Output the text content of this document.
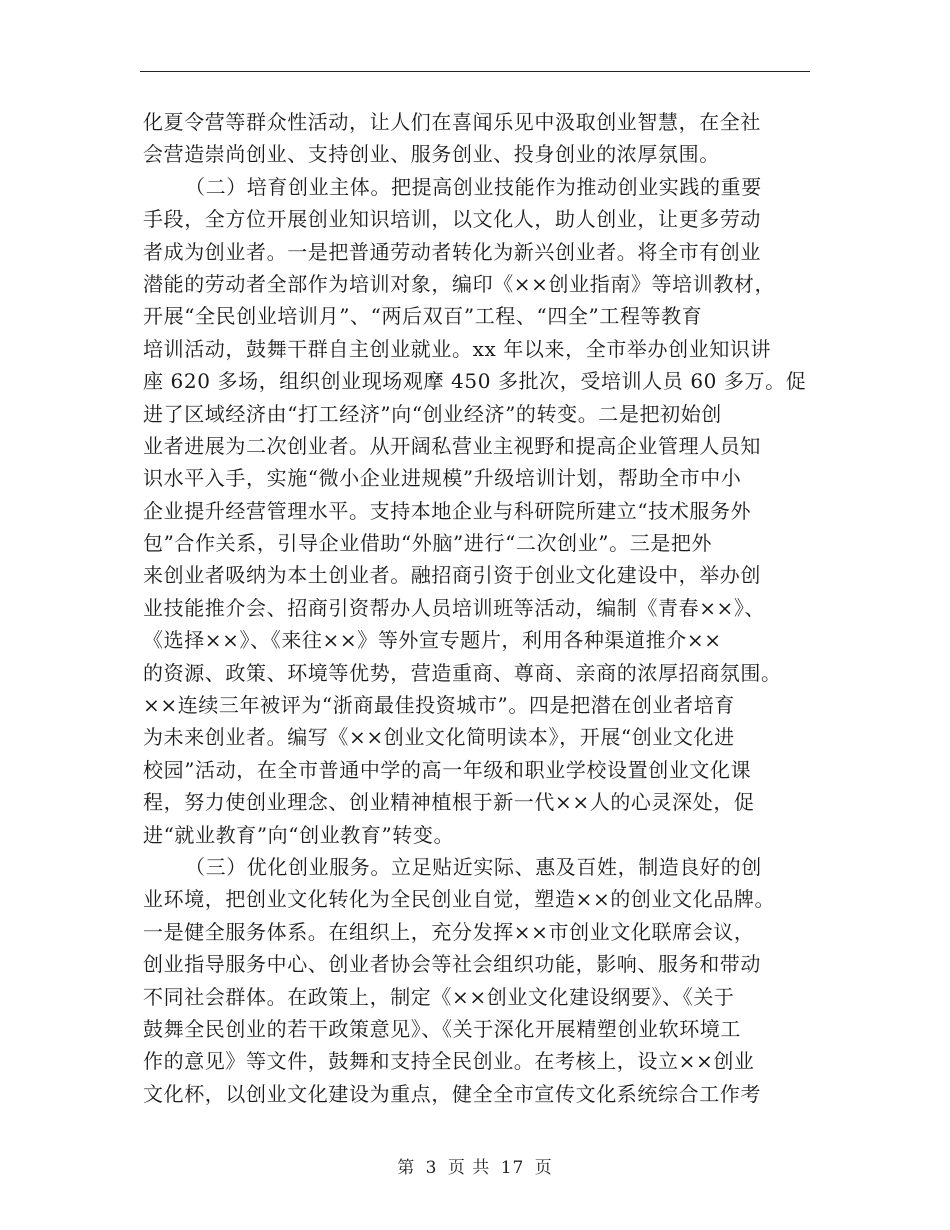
化夏令营等群众性活动，让人们在喜闻乐见中汲取创业智慧，在全社
会营造崇尚创业、支持创业、服务创业、投身创业的浓厚氛围。
（二）培育创业主体。把提高创业技能作为推动创业实践的重要
手段，全方位开展创业知识培训，以文化人，助人创业，让更多劳动
者成为创业者。一是把普通劳动者转化为新兴创业者。将全市有创业
潜能的劳动者全部作为培训对象，编印《××创业指南》等培训教材，
开展“全民创业培训月”、“两后双百”工程、“四全”工程等教育
培训活动，鼓舞干群自主创业就业。xx 年以来，全市举办创业知识讲
座 620 多场，组织创业现场观摩 450 多批次，受培训人员 60 多万。促
进了区域经济由“打工经济”向“创业经济”的转变。二是把初始创
业者进展为二次创业者。从开阔私营业主视野和提高企业管理人员知
识水平入手，实施“微小企业进规模”升级培训计划，帮助全市中小
企业提升经营管理水平。支持本地企业与科研院所建立“技术服务外
包”合作关系，引导企业借助“外脑”进行“二次创业”。三是把外
来创业者吸纳为本土创业者。融招商引资于创业文化建设中，举办创
业技能推介会、招商引资帮办人员培训班等活动，编制《青春××》、
《选择××》、《来往××》等外宣专题片，利用各种渠道推介××
的资源、政策、环境等优势，营造重商、尊商、亲商的浓厚招商氛围。
××连续三年被评为“浙商最佳投资城市”。四是把潜在创业者培育
为未来创业者。编写《××创业文化简明读本》，开展“创业文化进
校园”活动，在全市普通中学的高一年级和职业学校设置创业文化课
程，努力使创业理念、创业精神植根于新一代××人的心灵深处，促
进“就业教育”向“创业教育”转变。
（三）优化创业服务。立足贴近实际、惠及百姓，制造良好的创
业环境，把创业文化转化为全民创业自觉，塑造××的创业文化品牌。
一是健全服务体系。在组织上，充分发挥××市创业文化联席会议，
创业指导服务中心、创业者协会等社会组织功能，影响、服务和带动
不同社会群体。在政策上，制定《××创业文化建设纲要》、《关于
鼓舞全民创业的若干政策意见》、《关于深化开展精塑创业软环境工
作的意见》等文件，鼓舞和支持全民创业。在考核上，设立××创业
文化杯，以创业文化建设为重点，健全全市宣传文化系统综合工作考
第 3 页 共 17 页
